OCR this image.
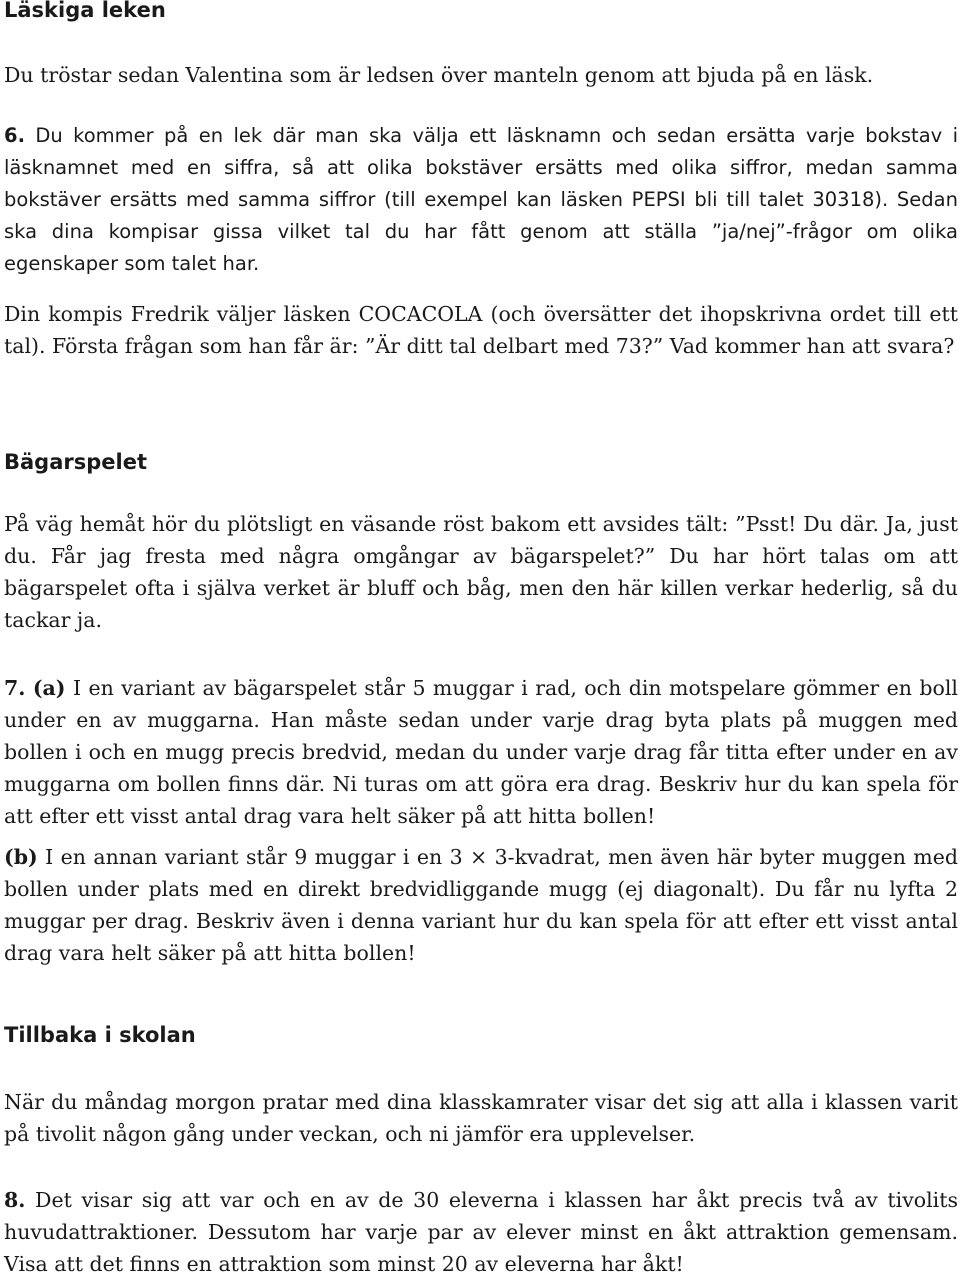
Läskiga leken

Du tröstar sedan Valentina som är ledsen över manteln genom att bjuda på en läsk.

6. Du kommer på en lek där man ska välja ett läsknamn och sedan ersätta varje bokstav i läsknamnet med en siffra, så att olika bokstäver ersätts med olika siffror, medan samma bokstäver ersätts med samma siffror (till exempel kan läsken PEPSI bli till talet 30318). Sedan ska dina kompisar gissa vilket tal du har fått genom att ställa ”ja/nej”-frågor om olika egenskaper som talet har.

Din kompis Fredrik väljer läsken COCACOLA (och översätter det ihopskrivna ordet till ett tal). Första frågan som han får är: ”Är ditt tal delbart med 73?” Vad kommer han att svara?

Bägarspelet

På väg hemåt hör du plötsligt en väsande röst bakom ett avsides tält: ”Psst! Du där. Ja, just du. Får jag fresta med några omgångar av bägarspelet?” Du har hört talas om att bägarspelet ofta i själva verket är bluff och båg, men den här killen verkar hederlig, så du tackar ja.

7. (a) I en variant av bägarspelet står 5 muggar i rad, och din motspelare gömmer en boll under en av muggarna. Han måste sedan under varje drag byta plats på muggen med bollen i och en mugg precis bredvid, medan du under varje drag får titta efter under en av muggarna om bollen finns där. Ni turas om att göra era drag. Beskriv hur du kan spela för att efter ett visst antal drag vara helt säker på att hitta bollen!

(b) I en annan variant står 9 muggar i en 3 × 3-kvadrat, men även här byter muggen med bollen under plats med en direkt bredvidliggande mugg (ej diagonalt). Du får nu lyfta 2 muggar per drag. Beskriv även i denna variant hur du kan spela för att efter ett visst antal drag vara helt säker på att hitta bollen!

Tillbaka i skolan

När du måndag morgon pratar med dina klasskamrater visar det sig att alla i klassen varit på tivolit någon gång under veckan, och ni jämför era upplevelser.

8. Det visar sig att var och en av de 30 eleverna i klassen har åkt precis två av tivolits huvudattraktioner. Dessutom har varje par av elever minst en åkt attraktion gemensam. Visa att det finns en attraktion som minst 20 av eleverna har åkt!
